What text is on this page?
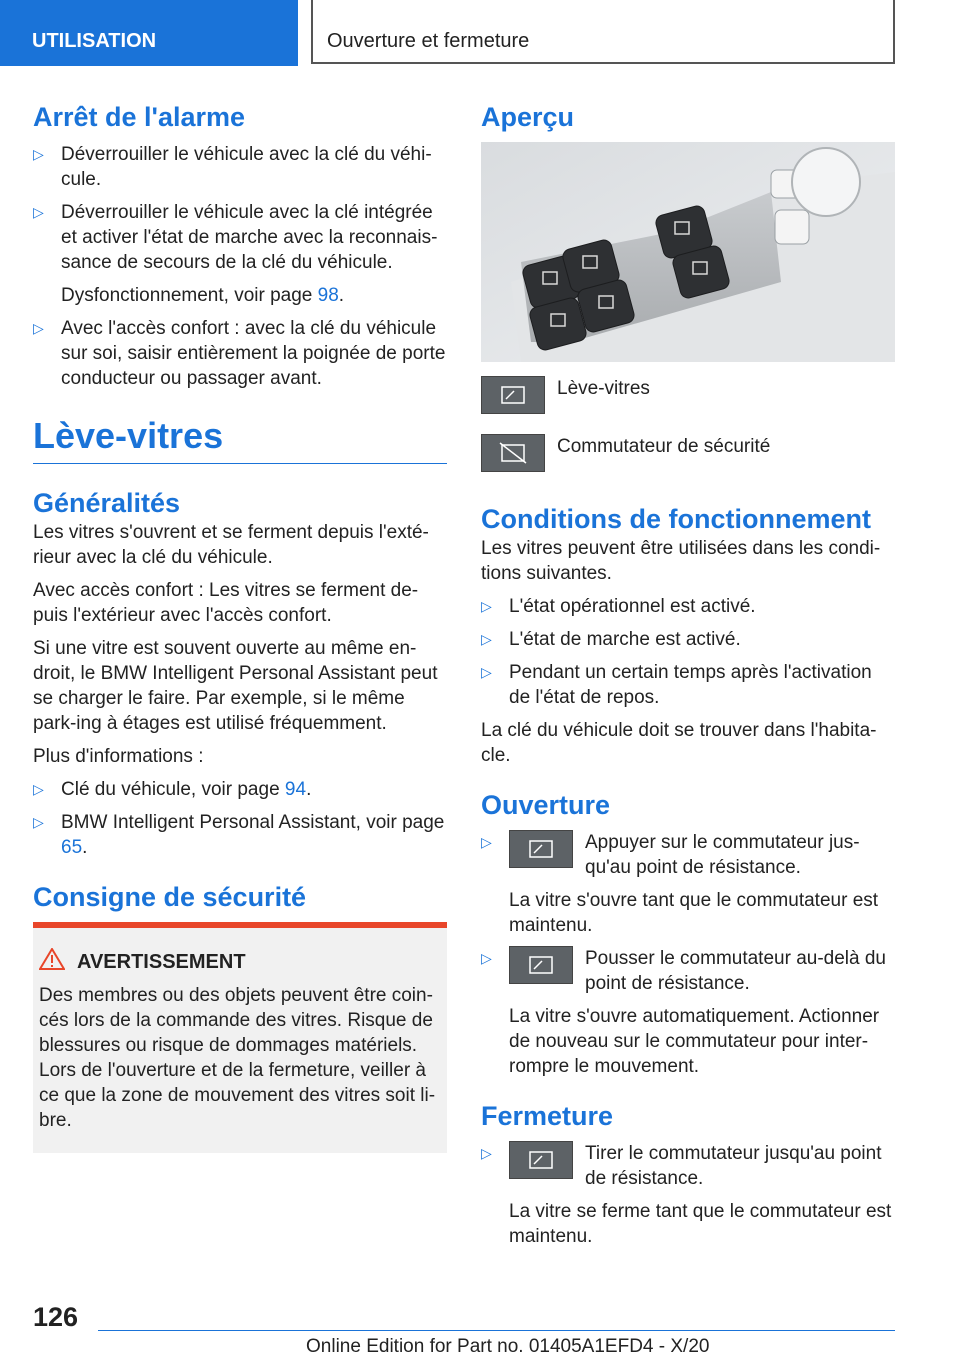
UTILISATION	Ouverture et fermeture
Arrêt de l'alarme
▷ Déverrouiller le véhicule avec la clé du véhi-cule.
▷ Déverrouiller le véhicule avec la clé intégrée et activer l'état de marche avec la reconnais-sance de secours de la clé du véhicule.
Dysfonctionnement, voir page 98.
▷ Avec l'accès confort : avec la clé du véhicule sur soi, saisir entièrement la poignée de porte conducteur ou passager avant.
Lève-vitres
Généralités

Les vitres s'ouvrent et se ferment depuis l'exté-rieur avec la clé du véhicule.

Avec accès confort : Les vitres se ferment de-puis l'extérieur avec l'accès confort.

Si une vitre est souvent ouverte au même en-droit, le BMW Intelligent Personal Assistant peut se charger le faire. Par exemple, si le même park-ing à étages est utilisé fréquemment.

Plus d'informations :

▷ Clé du véhicule, voir page 94.
▷ BMW Intelligent Personal Assistant, voir page 65.
Consigne de sécurité
AVERTISSEMENT

Des membres ou des objets peuvent être coin-cés lors de la commande des vitres. Risque de blessures ou risque de dommages matériels. Lors de l'ouverture et de la fermeture, veiller à ce que la zone de mouvement des vitres soit li-bre.

Aperçu
Lève-vitres
Commutateur de sécurité
Conditions de fonctionnement

Les vitres peuvent être utilisées dans les condi-tions suivantes.

▷ L'état opérationnel est activé.
▷ L'état de marche est activé.
▷ Pendant un certain temps après l'activation de l'état de repos.

La clé du véhicule doit se trouver dans l'habita-cle.

Ouverture
▷	Appuyer sur le commutateur jus-qu'au point de résistance.
La vitre s'ouvre tant que le commutateur est maintenu.
▷	Pousser le commutateur au-delà du point de résistance.
La vitre s'ouvre automatiquement. Actionner de nouveau sur le commutateur pour inter-rompre le mouvement.
Fermeture
▷	Tirer le commutateur jusqu'au point de résistance.
La vitre se ferme tant que le commutateur est maintenu.
126
Online Edition for Part no. 01405A1EFD4 - X/20
